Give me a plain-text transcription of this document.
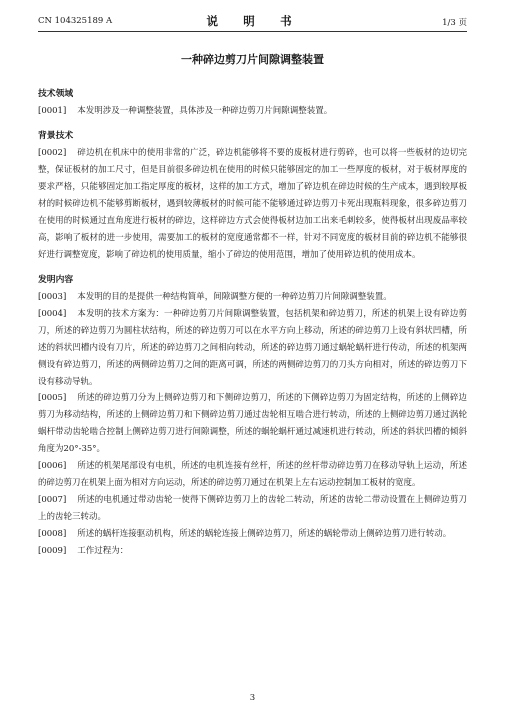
CN 104325189 A	说　明　书	1/3 页
一种碎边剪刀片间隙调整装置
技术领域
[0001] 本发明涉及一种调整装置，具体涉及一种碎边剪刀片间隙调整装置。
背景技术
[0002] 碎边机在机床中的使用非常的广泛，碎边机能够将不要的废板材进行剪碎，也可以将一些板材的边切完整，保证板材的加工尺寸，但是目前很多碎边机在使用的时候只能够固定的加工一些厚度的板材，对于板材厚度的要求严格，只能够固定加工指定厚度的板材，这样的加工方式，增加了碎边机在碎边时候的生产成本，遇到较厚板材的时候碎边机不能够剪断板材，遇到较薄板材的时候可能不能够通过碎边剪刀卡死出现瓶料现象，很多碎边剪刀在使用的时候通过直角度进行板材的碎边，这样碎边方式会使得板材边加工出来毛刺较多，使得板材出现废品率较高，影响了板材的进一步使用，需要加工的板材的宽度通常都不一样，针对不同宽度的板材目前的碎边机不能够很好进行调整宽度，影响了碎边机的使用质量，缩小了碎边的使用范围，增加了使用碎边机的使用成本。
发明内容
[0003] 本发明的目的是提供一种结构简单，间隙调整方便的一种碎边剪刀片间隙调整装置。
[0004] 本发明的技术方案为：一种碎边剪刀片间隙调整装置，包括机架和碎边剪刀，所述的机架上设有碎边剪刀，所述的碎边剪刀为圆柱状结构，所述的碎边剪刀可以在水平方向上移动，所述的碎边剪刀上设有斜状凹槽，所述的斜状凹槽内设有刀片，所述的碎边剪刀之间相向转动，所述的碎边剪刀通过蜗轮蜗杆进行传动，所述的机架两侧设有碎边剪刀，所述的两侧碎边剪刀之间的距离可调，所述的两侧碎边剪刀的刀头方向相对，所述的碎边剪刀下设有移动导轨。
[0005] 所述的碎边剪刀分为上侧碎边剪刀和下侧碎边剪刀，所述的下侧碎边剪刀为固定结构，所述的上侧碎边剪刀为移动结构，所述的上侧碎边剪刀和下侧碎边剪刀通过齿轮相互啮合进行转动，所述的上侧碎边剪刀通过涡轮蜗杆带动齿轮啮合控制上侧碎边剪刀进行间隙调整，所述的蜗轮蜗杆通过减速机进行转动，所述的斜状凹槽的倾斜角度为20°-35°。
[0006] 所述的机架尾部设有电机，所述的电机连接有丝杆，所述的丝杆带动碎边剪刀在移动导轨上运动，所述的碎边剪刀在机架上面为相对方向运动，所述的碎边剪刀通过在机架上左右运动控制加工板材的宽度。
[0007] 所述的电机通过带动齿轮一使得下侧碎边剪刀上的齿轮二转动，所述的齿轮二带动设置在上侧碎边剪刀上的齿轮三转动。
[0008] 所述的蜗杆连接驱动机构，所述的蜗轮连接上侧碎边剪刀，所述的蜗轮带动上侧碎边剪刀进行转动。
[0009] 工作过程为：
3
